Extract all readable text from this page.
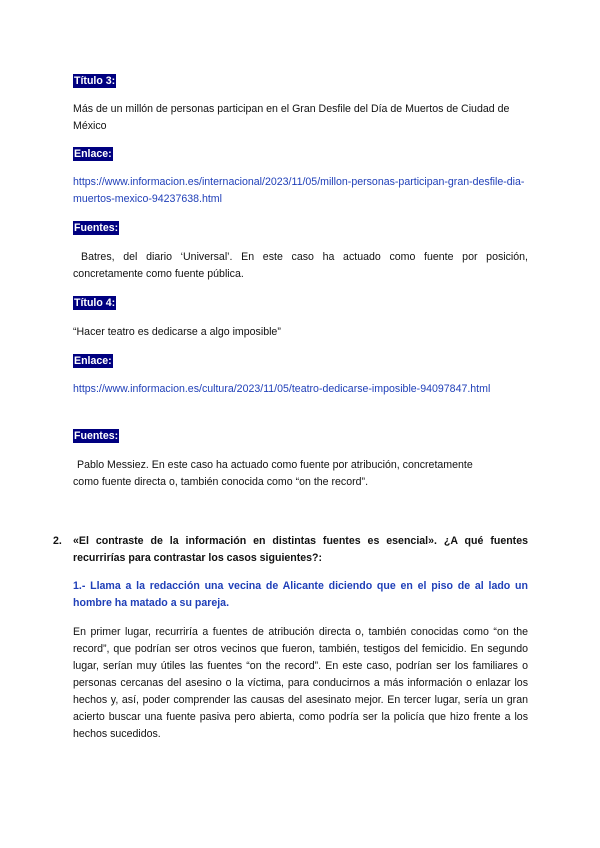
Título 3:
Más de un millón de personas participan en el Gran Desfile del Día de Muertos de Ciudad de México
Enlace:
https://www.informacion.es/internacional/2023/11/05/millon-personas-participan-gran-desfile-dia-muertos-mexico-94237638.html
Fuentes:
Batres, del diario ‘Universal’. En este caso ha actuado como fuente por posición, concretamente como fuente pública.
Título 4:
“Hacer teatro es dedicarse a algo imposible”
Enlace:
https://www.informacion.es/cultura/2023/11/05/teatro-dedicarse-imposible-94097847.html
Fuentes:
Pablo Messiez. En este caso ha actuado como fuente por atribución, concretamente como fuente directa o, también conocida como “on the record”.
2. «El contraste de la información en distintas fuentes es esencial». ¿A qué fuentes recurrirías para contrastar los casos siguientes?:
1.- Llama a la redacción una vecina de Alicante diciendo que en el piso de al lado un hombre ha matado a su pareja.
En primer lugar, recurriría a fuentes de atribución directa o, también conocidas como “on the record”, que podrían ser otros vecinos que fueron, también, testigos del femicidio. En segundo lugar, serían muy útiles las fuentes “on the record”. En este caso, podrían ser los familiares o personas cercanas del asesino o la víctima, para conducirnos a más información o enlazar los hechos y, así, poder comprender las causas del asesinato mejor. En tercer lugar, sería un gran acierto buscar una fuente pasiva pero abierta, como podría ser la policía que hizo frente a los hechos sucedidos.
